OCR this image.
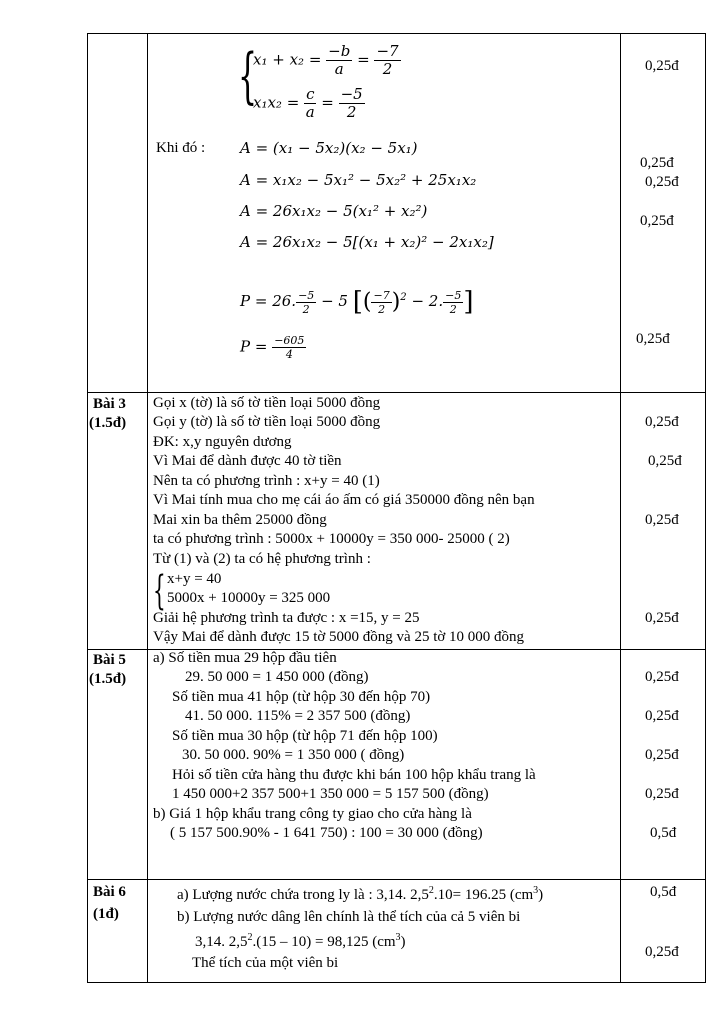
{
$x_1 + x_2 = \frac{-b}{a} = \frac{-7}{2}$
$x_1x_2 = \frac{c}{a} = \frac{-5}{2}$
Khi đó : A = (x₁ − 5x₂)(x₂ − 5x₁)
A = x₁x₂ − 5x₁² − 5x₂² + 25x₁x₂
A = 26x₁x₂ − 5(x₁² + x₂²)
A = 26x₁x₂ − 5[(x₁ + x₂)² − 2x₁x₂]
P = 26. $\frac{-5}{2} - 5$ [( $\frac{-7}{2} )^2 - 2$. $\frac{-5}{2}$ ]
$P = \frac{-605}{4}$
0,25đ
0,25đ
0,25đ
0,25đ
0,25đ
Bài 3
(1.5đ)
Gọi x (tờ) là số tờ tiền loại 5000 đồng
Gọi y (tờ) là số tờ tiền loại 5000 đồng
ĐK: x,y nguyên dương
Vì Mai để dành được 40 tờ tiền
Nên ta có phương trình : x+y = 40 (1)
Vì Mai tính mua cho mẹ cái áo ấm có giá 350000 đồng nên bạn
Mai xin ba thêm 25000 đồng
ta có phương trình : 5000x + 10000y = 350 000- 25000 ( 2)
Từ (1) và (2) ta có hệ phương trình :
{ x+y = 40
5000x + 10000y = 325 000
Giải hệ phương trình ta được : x =15, y = 25
Vậy Mai để dành được 15 tờ 5000 đồng và 25 tờ 10 000 đồng
0,25đ
0,25đ
0,25đ
0,25đ
Bài 5
(1.5đ)
a) Số tiền mua 29 hộp đầu tiên
29. 50 000 = 1 450 000 (đồng)
Số tiền mua 41 hộp (từ hộp 30 đến hộp 70)
41. 50 000. 115% = 2 357 500 (đồng)
Số tiền mua 30 hộp (từ hộp 71 đến hộp 100)
30. 50 000. 90% = 1 350 000 ( đồng)
Hỏi số tiền cửa hàng thu được khi bán 100 hộp khẩu trang là
1 450 000+2 357 500+1 350 000 = 5 157 500 (đồng)
b) Giá 1 hộp khẩu trang công ty giao cho cửa hàng là
( 5 157 500.90% - 1 641 750) : 100 = 30 000 (đồng)
0,25đ
0,25đ
0,25đ
0,25đ
0,5đ
Bài 6
(1đ)
a) Lượng nước chứa trong ly là : 3,14. $2,5^2.10= 196.25$ $(cm^3)$
b) Lượng nước dâng lên chính là thể tích của cả 5 viên bi
3,14. $2,5^2.(15 - 10) = 98,125$ $(cm^3)$
Thể tích của một viên bi
0,5đ
0,25đ
